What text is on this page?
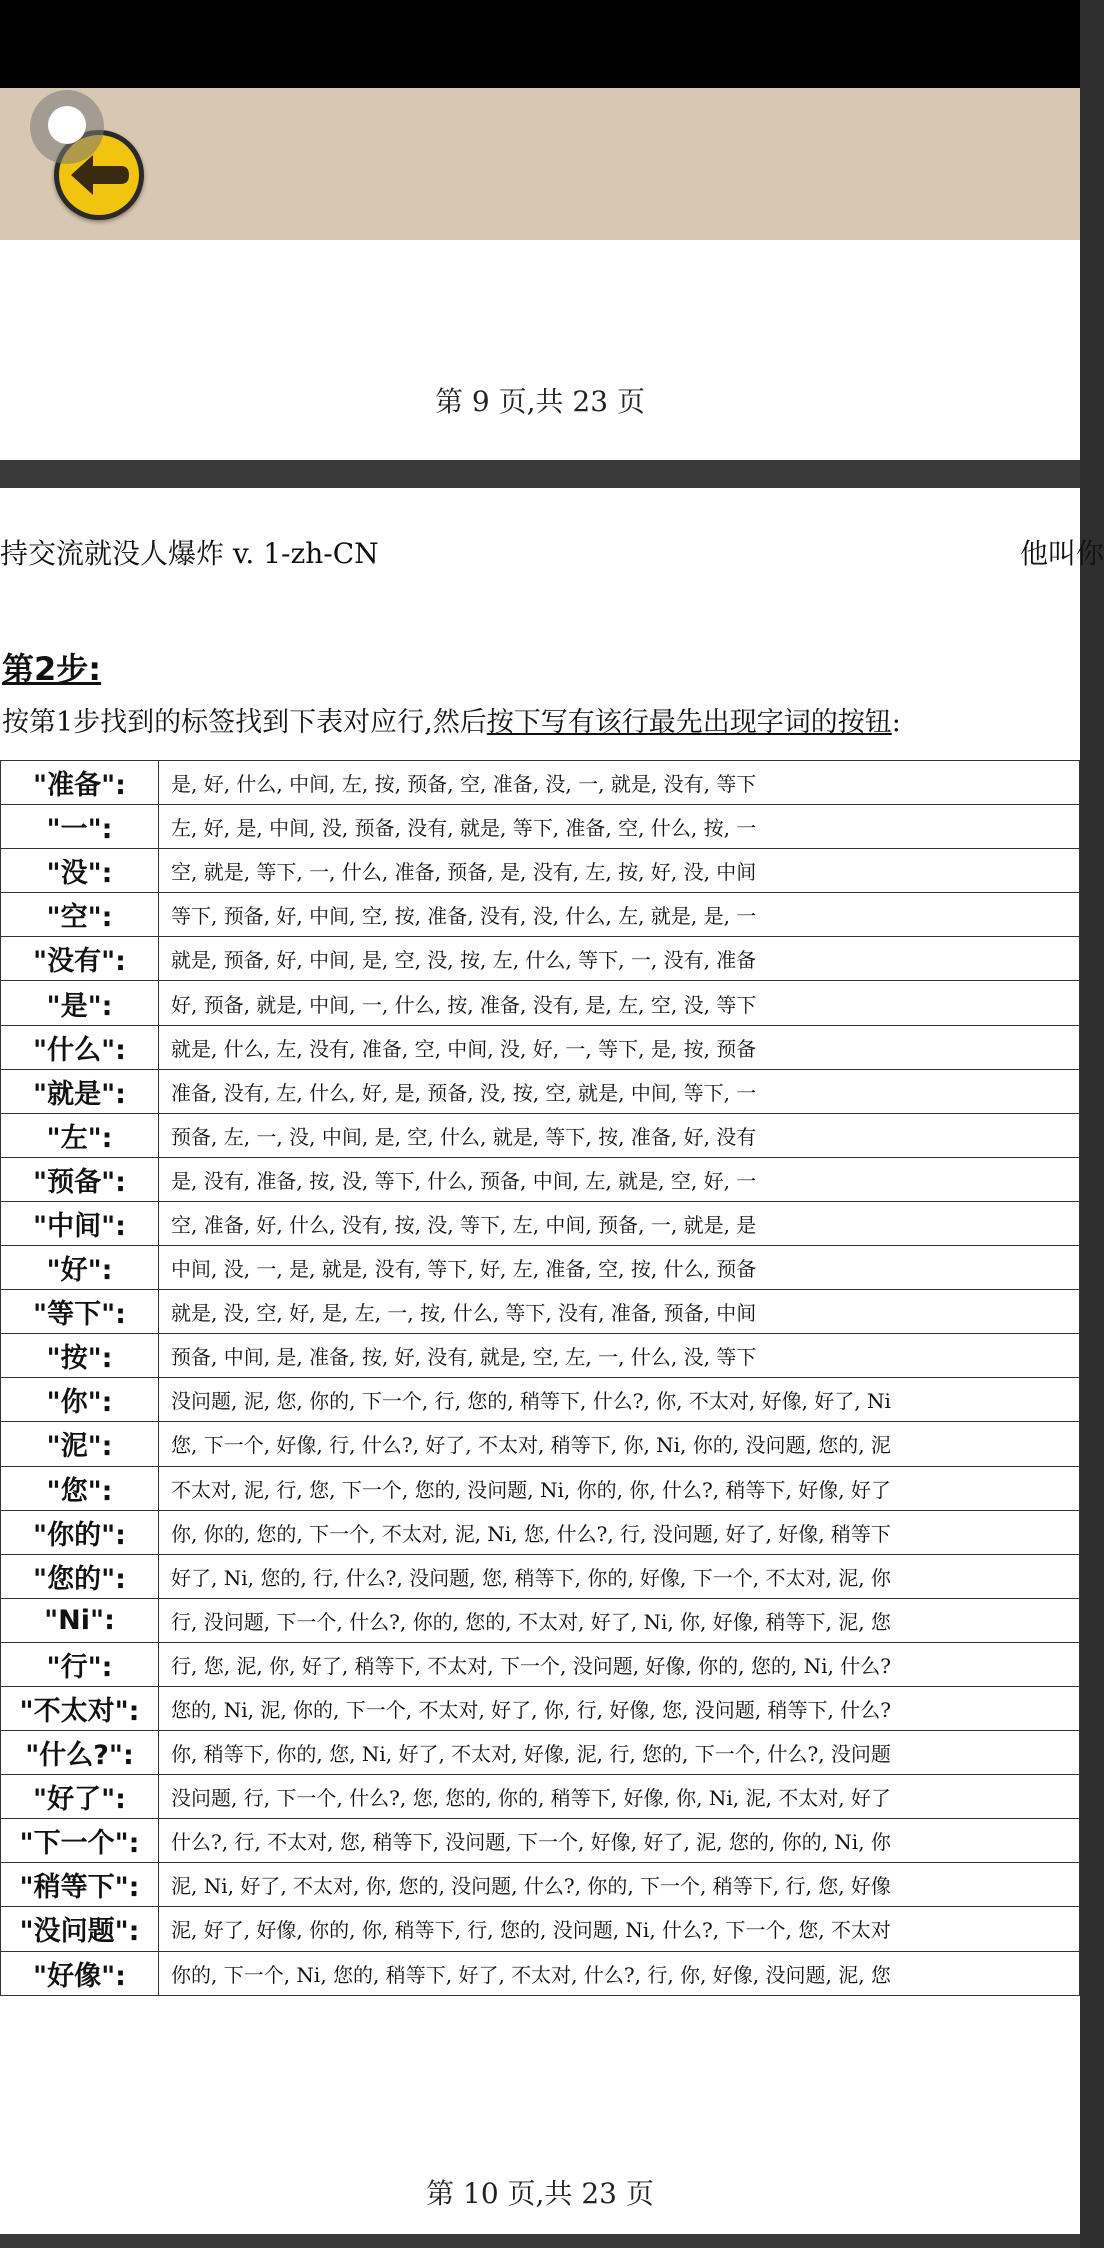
第 9 页,共 23 页
持交流就没人爆炸 v. 1-zh-CN	他叫你
第2步:
按第1步找到的标签找到下表对应行,然后按下写有该行最先出现字词的按钮:
"准备":	是, 好, 什么, 中间, 左, 按, 预备, 空, 准备, 没, 一, 就是, 没有, 等下
"一":	左, 好, 是, 中间, 没, 预备, 没有, 就是, 等下, 准备, 空, 什么, 按, 一
"没":	空, 就是, 等下, 一, 什么, 准备, 预备, 是, 没有, 左, 按, 好, 没, 中间
"空":	等下, 预备, 好, 中间, 空, 按, 准备, 没有, 没, 什么, 左, 就是, 是, 一
"没有":	就是, 预备, 好, 中间, 是, 空, 没, 按, 左, 什么, 等下, 一, 没有, 准备
"是":	好, 预备, 就是, 中间, 一, 什么, 按, 准备, 没有, 是, 左, 空, 没, 等下
"什么":	就是, 什么, 左, 没有, 准备, 空, 中间, 没, 好, 一, 等下, 是, 按, 预备
"就是":	准备, 没有, 左, 什么, 好, 是, 预备, 没, 按, 空, 就是, 中间, 等下, 一
"左":	预备, 左, 一, 没, 中间, 是, 空, 什么, 就是, 等下, 按, 准备, 好, 没有
"预备":	是, 没有, 准备, 按, 没, 等下, 什么, 预备, 中间, 左, 就是, 空, 好, 一
"中间":	空, 准备, 好, 什么, 没有, 按, 没, 等下, 左, 中间, 预备, 一, 就是, 是
"好":	中间, 没, 一, 是, 就是, 没有, 等下, 好, 左, 准备, 空, 按, 什么, 预备
"等下":	就是, 没, 空, 好, 是, 左, 一, 按, 什么, 等下, 没有, 准备, 预备, 中间
"按":	预备, 中间, 是, 准备, 按, 好, 没有, 就是, 空, 左, 一, 什么, 没, 等下
"你":	没问题, 泥, 您, 你的, 下一个, 行, 您的, 稍等下, 什么?, 你, 不太对, 好像, 好了, Ni
"泥":	您, 下一个, 好像, 行, 什么?, 好了, 不太对, 稍等下, 你, Ni, 你的, 没问题, 您的, 泥
"您":	不太对, 泥, 行, 您, 下一个, 您的, 没问题, Ni, 你的, 你, 什么?, 稍等下, 好像, 好了
"你的":	你, 你的, 您的, 下一个, 不太对, 泥, Ni, 您, 什么?, 行, 没问题, 好了, 好像, 稍等下
"您的":	好了, Ni, 您的, 行, 什么?, 没问题, 您, 稍等下, 你的, 好像, 下一个, 不太对, 泥, 你
"Ni":	行, 没问题, 下一个, 什么?, 你的, 您的, 不太对, 好了, Ni, 你, 好像, 稍等下, 泥, 您
"行":	行, 您, 泥, 你, 好了, 稍等下, 不太对, 下一个, 没问题, 好像, 你的, 您的, Ni, 什么?
"不太对":	您的, Ni, 泥, 你的, 下一个, 不太对, 好了, 你, 行, 好像, 您, 没问题, 稍等下, 什么?
"什么?":	你, 稍等下, 你的, 您, Ni, 好了, 不太对, 好像, 泥, 行, 您的, 下一个, 什么?, 没问题
"好了":	没问题, 行, 下一个, 什么?, 您, 您的, 你的, 稍等下, 好像, 你, Ni, 泥, 不太对, 好了
"下一个":	什么?, 行, 不太对, 您, 稍等下, 没问题, 下一个, 好像, 好了, 泥, 您的, 你的, Ni, 你
"稍等下":	泥, Ni, 好了, 不太对, 你, 您的, 没问题, 什么?, 你的, 下一个, 稍等下, 行, 您, 好像
"没问题":	泥, 好了, 好像, 你的, 你, 稍等下, 行, 您的, 没问题, Ni, 什么?, 下一个, 您, 不太对
"好像":	你的, 下一个, Ni, 您的, 稍等下, 好了, 不太对, 什么?, 行, 你, 好像, 没问题, 泥, 您
第 10 页,共 23 页
